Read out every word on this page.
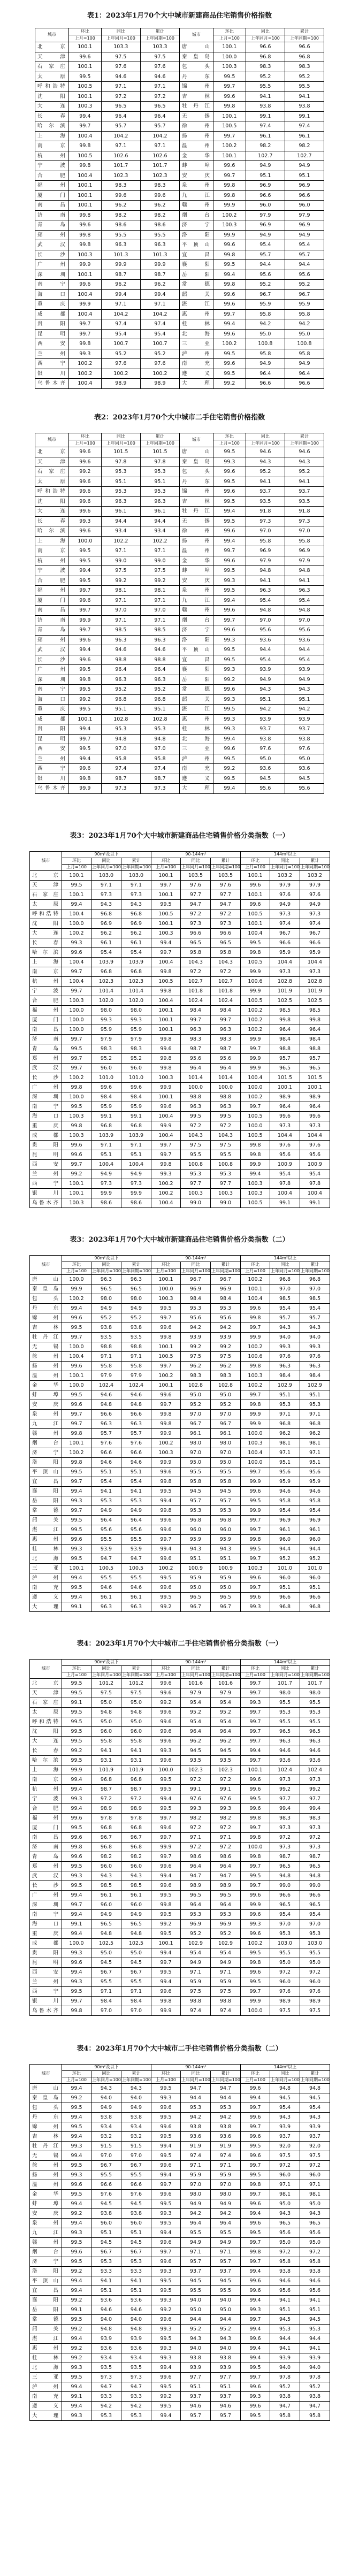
表1：2023年1月70个大中城市新建商品住宅销售价格指数
城市	环比	同比	累计	城市	环比	同比	累计
	上月=100	上年同月=100	上年同期=100		上月=100	上年同月=100	上年同期=100
北　京	100.1	103.3	103.3	唐　山	100.1	96.6	96.6
天　津	99.6	97.5	97.5	秦皇岛	100.0	96.8	96.8
石家庄	100.1	97.6	97.6	包　头	100.3	98.3	98.3
太　原	99.5	94.6	94.6	丹　东	99.5	95.2	95.2
呼和浩特	100.5	97.1	97.1	锦　州	99.7	95.5	95.5
沈　阳	100.1	97.2	97.2	吉　林	99.6	94.1	94.1
大　连	100.3	96.5	96.5	牡丹江	99.8	93.8	93.8
长　春	99.4	96.4	96.4	无　锡	100.1	99.1	99.1
哈尔滨	99.7	95.7	95.7	徐　州	100.5	97.4	97.4
上　海	100.4	104.2	104.2	扬　州	99.7	96.1	96.1
南　京	99.8	97.1	97.1	温　州	100.2	98.2	98.2
杭　州	100.5	102.6	102.6	金　华	100.1	102.7	102.7
宁　波	99.8	101.7	101.7	蚌　埠	99.6	94.9	94.9
合　肥	100.4	102.3	102.3	安　庆	99.7	95.1	95.1
福　州	100.1	98.3	98.3	泉　州	99.8	96.9	96.9
厦　门	100.1	99.6	99.6	九　江	99.8	96.6	96.6
南　昌	100.1	96.2	96.2	赣　州	99.9	96.0	96.0
济　南	99.8	98.2	98.2	烟　台	100.2	97.9	97.9
青　岛	99.6	98.6	98.6	济　宁	100.3	96.9	96.9
郑　州	99.8	95.5	95.5	洛　阳	99.9	94.9	94.9
武　汉	99.8	96.3	96.3	平顶山	99.6	95.4	95.4
长　沙	100.3	101.3	101.3	宜　昌	99.8	95.7	95.7
广　州	99.9	99.9	99.9	襄　阳	99.5	94.4	94.4
深　圳	100.1	98.7	98.7	岳　阳	99.4	95.6	95.6
南　宁	99.6	96.2	96.2	常　德	99.8	95.2	95.2
海　口	100.4	99.4	99.4	韶　关	99.6	96.7	96.7
重　庆	99.9	97.1	97.1	湛　江	99.6	95.9	95.9
成　都	100.4	104.2	104.2	惠　州	99.7	95.8	95.8
贵　阳	99.7	97.4	97.4	桂　林	99.4	94.2	94.2
昆　明	99.7	95.4	95.4	北　海	99.6	95.0	95.0
西　安	99.8	100.7	100.7	三　亚	100.2	100.8	100.8
兰　州	99.3	95.2	95.2	泸　州	99.5	95.8	95.8
西　宁	100.2	97.6	97.6	南　充	99.6	94.9	94.9
银　川	100.2	100.2	100.2	遵　义	99.5	96.4	96.4
乌鲁木齐	100.4	98.9	98.9	大　理	99.2	96.6	96.6
表2：2023年1月70个大中城市二手住宅销售价格指数
城市	环比	同比	累计	城市	环比	同比	累计
	上月=100	上年同月=100	上年同期=100		上月=100	上年同月=100	上年同期=100
北　京	99.6	101.5	101.5	唐　山	99.5	94.6	94.6
天　津	99.6	97.8	97.8	秦皇岛	99.3	94.3	94.3
石家庄	99.2	95.3	95.3	包　头	99.6	95.2	95.2
太　原	99.6	95.1	95.1	丹　东	99.5	94.1	94.1
呼和浩特	99.6	95.3	95.3	锦　州	99.6	93.7	93.7
沈　阳	99.6	96.3	96.3	吉　林	99.5	93.5	93.5
大　连	99.6	96.1	96.1	牡丹江	99.4	91.8	91.8
长　春	99.3	94.4	94.4	无　锡	99.5	97.3	97.3
哈尔滨	99.6	93.4	93.4	徐　州	99.6	97.0	97.0
上　海	100.0	102.2	102.2	扬　州	99.4	95.8	95.8
南　京	99.5	97.1	97.1	温　州	99.7	96.9	96.9
杭　州	99.5	99.0	99.0	金　华	99.6	97.9	97.9
宁　波	99.4	97.5	97.5	蚌　埠	99.5	94.8	94.8
合　肥	99.5	99.2	99.2	安　庆	99.3	94.1	94.1
福　州	99.7	98.1	98.1	泉　州	99.5	96.3	96.3
厦　门	99.6	97.1	97.1	九　江	99.4	95.4	95.4
南　昌	99.7	97.0	97.0	赣　州	99.6	94.8	94.8
济　南	99.9	97.1	97.1	烟　台	99.7	97.0	97.0
青　岛	99.7	98.5	98.5	济　宁	99.6	95.6	95.6
郑　州	99.6	96.3	96.3	洛　阳	99.3	93.6	93.6
武　汉	99.4	94.6	94.6	平顶山	99.5	94.4	94.4
长　沙	99.6	98.8	98.8	宜　昌	99.5	95.4	95.4
广　州	99.5	96.4	96.4	襄　阳	99.3	93.9	93.9
深　圳	99.8	96.3	96.3	岳　阳	99.2	94.9	94.9
南　宁	99.5	95.2	95.2	常　德	99.6	94.3	94.3
海　口	99.2	96.8	96.8	韶　关	99.3	95.1	95.1
重　庆	99.5	95.1	95.1	湛　江	99.5	94.2	94.2
成　都	100.1	102.8	102.8	惠　州	99.3	93.9	93.9
贵　阳	99.4	95.3	95.3	桂　林	99.3	93.7	93.7
昆　明	99.7	94.8	94.8	北　海	99.4	93.8	93.8
西　安	99.5	97.0	97.0	三　亚	99.6	97.6	97.6
兰　州	99.4	95.8	95.8	泸　州	99.5	95.0	95.0
西　宁	99.6	97.4	97.4	南　充	99.2	93.6	93.6
银　川	99.8	98.7	98.7	遵　义	99.5	94.5	94.5
乌鲁木齐	99.9	97.3	97.3	大　理	99.4	95.6	95.6
表3：2023年1月70个大中城市新建商品住宅销售价格分类指数（一）
城市	90m²及以下			90-144m²			144m²以上		
	环比	同比	累计	环比	同比	累计	环比	同比	累计
	上月=100	上年同月=100	上年同期=100	上月=100	上年同月=100	上年同期=100	上月=100	上年同月=100	上年同期=100
北　京	100.1	103.0	103.0	100.1	103.5	103.5	100.1	103.2	103.2
天　津	99.5	97.1	97.1	99.7	97.6	97.6	99.6	97.9	97.9
石家庄	100.1	97.3	97.3	100.1	97.7	97.7	100.1	97.6	97.6
太　原	99.4	94.3	94.3	99.5	94.7	94.7	99.6	94.9	94.9
呼和浩特	100.4	96.8	96.8	100.5	97.2	97.2	100.5	97.3	97.3
沈　阳	100.0	96.9	96.9	100.1	97.3	97.3	100.1	97.4	97.4
大　连	100.2	96.2	96.2	100.3	96.6	96.6	100.4	96.7	96.7
长　春	99.3	96.1	96.1	99.4	96.5	96.5	99.5	96.6	96.6
哈尔滨	99.6	95.4	95.4	99.7	95.8	95.8	99.8	95.9	95.9
上　海	100.4	103.9	103.9	100.4	104.3	104.3	100.5	104.4	104.4
南　京	99.7	96.8	96.8	99.8	97.2	97.2	99.9	97.3	97.3
杭　州	100.4	102.3	102.3	100.5	102.7	102.7	100.6	102.8	102.8
宁　波	99.7	101.4	101.4	99.8	101.8	101.8	99.9	101.9	101.9
合　肥	100.3	102.0	102.0	100.4	102.4	102.4	100.5	102.5	102.5
福　州	100.0	98.0	98.0	100.1	98.4	98.4	100.2	98.5	98.5
厦　门	100.0	99.3	99.3	100.1	99.7	99.7	100.2	99.8	99.8
南　昌	100.0	95.9	95.9	100.1	96.3	96.3	100.2	96.4	96.4
济　南	99.7	97.9	97.9	99.8	98.3	98.3	99.9	98.4	98.4
青　岛	99.5	98.3	98.3	99.6	98.7	98.7	99.7	98.8	98.8
郑　州	99.7	95.2	95.2	99.8	95.6	95.6	99.9	95.7	95.7
武　汉	99.7	96.0	96.0	99.8	96.4	96.4	99.9	96.5	96.5
长　沙	100.2	101.0	101.0	100.3	101.4	101.4	100.4	101.5	101.5
广　州	99.8	99.6	99.6	99.9	100.0	100.0	100.0	100.1	100.1
深　圳	100.0	98.4	98.4	100.1	98.8	98.8	100.2	98.9	98.9
南　宁	99.5	95.9	95.9	99.6	96.3	96.3	99.7	96.4	96.4
海　口	100.3	99.1	99.1	100.4	99.5	99.5	100.5	99.6	99.6
重　庆	99.8	96.8	96.8	99.9	97.2	97.2	100.0	97.3	97.3
成　都	100.3	103.9	103.9	100.4	104.3	104.3	100.5	104.4	104.4
贵　阳	99.6	97.1	97.1	99.7	97.5	97.5	99.8	97.6	97.6
昆　明	99.6	95.1	95.1	99.7	95.5	95.5	99.8	95.6	95.6
西　安	99.7	100.4	100.4	99.8	100.8	100.8	99.9	100.9	100.9
兰　州	99.2	94.9	94.9	99.3	95.3	95.3	99.4	95.4	95.4
西　宁	100.1	97.3	97.3	100.2	97.7	97.7	100.3	97.8	97.8
银　川	100.1	99.9	99.9	100.2	100.3	100.3	100.3	100.4	100.4
乌鲁木齐	100.3	98.6	98.6	100.4	99.0	99.0	100.5	99.1	99.1
表3：2023年1月70个大中城市新建商品住宅销售价格分类指数（二）
城市	90m²及以下			90-144m²			144m²以上		
	环比	同比	累计	环比	同比	累计	环比	同比	累计
	上月=100	上年同月=100	上年同期=100	上月=100	上年同月=100	上年同期=100	上月=100	上年同月=100	上年同期=100
唐　山	100.0	96.3	96.3	100.1	96.7	96.7	100.2	96.8	96.8
秦皇岛	99.9	96.5	96.5	100.0	96.9	96.9	100.1	97.0	97.0
包　头	100.2	98.0	98.0	100.3	98.4	98.4	100.4	98.5	98.5
丹　东	99.4	94.9	94.9	99.5	95.3	95.3	99.6	95.4	95.4
锦　州	99.6	95.2	95.2	99.7	95.6	95.6	99.8	95.7	95.7
吉　林	99.5	93.8	93.8	99.6	94.2	94.2	99.7	94.3	94.3
牡丹江	99.7	93.5	93.5	99.8	93.9	93.9	99.9	94.0	94.0
无　锡	100.0	98.8	98.8	100.1	99.2	99.2	100.2	99.3	99.3
徐　州	100.4	97.1	97.1	100.5	97.5	97.5	100.6	97.6	97.6
扬　州	99.6	95.8	95.8	99.7	96.2	96.2	99.8	96.3	96.3
温　州	100.1	97.9	97.9	100.2	98.3	98.3	100.3	98.4	98.4
金　华	100.0	102.4	102.4	100.1	102.8	102.8	100.2	102.9	102.9
蚌　埠	99.5	94.6	94.6	99.6	95.0	95.0	99.7	95.1	95.1
安　庆	99.6	94.8	94.8	99.7	95.2	95.2	99.8	95.3	95.3
泉　州	99.7	96.6	96.6	99.8	97.0	97.0	99.9	97.1	97.1
九　江	99.7	96.3	96.3	99.8	96.7	96.7	99.9	96.8	96.8
赣　州	99.8	95.7	95.7	99.9	96.1	96.1	100.0	96.2	96.2
烟　台	100.1	97.6	97.6	100.2	98.0	98.0	100.3	98.1	98.1
济　宁	100.2	96.6	96.6	100.3	97.0	97.0	100.4	97.1	97.1
洛　阳	99.8	94.6	94.6	99.9	95.0	95.0	100.0	95.1	95.1
平顶山	99.5	95.1	95.1	99.6	95.5	95.5	99.7	95.6	95.6
宜　昌	99.7	95.4	95.4	99.8	95.8	95.8	99.9	95.9	95.9
襄　阳	99.4	94.1	94.1	99.5	94.5	94.5	99.6	94.6	94.6
岳　阳	99.3	95.3	95.3	99.4	95.7	95.7	99.5	95.8	95.8
常　德	99.7	94.9	94.9	99.8	95.3	95.3	99.9	95.4	95.4
韶　关	99.5	96.4	96.4	99.6	96.8	96.8	99.7	96.9	96.9
湛　江	99.5	95.6	95.6	99.6	96.0	96.0	99.7	96.1	96.1
惠　州	99.6	95.5	95.5	99.7	95.9	95.9	99.8	96.0	96.0
桂　林	99.3	93.9	93.9	99.4	94.3	94.3	99.5	94.4	94.4
北　海	99.5	94.7	94.7	99.6	95.1	95.1	99.7	95.2	95.2
三　亚	100.1	100.5	100.5	100.2	100.9	100.9	100.3	101.0	101.0
泸　州	99.4	95.5	95.5	99.5	95.9	95.9	99.6	96.0	96.0
南　充	99.5	94.6	94.6	99.6	95.0	95.0	99.7	95.1	95.1
遵　义	99.4	96.1	96.1	99.5	96.5	96.5	99.6	96.6	96.6
大　理	99.1	96.3	96.3	99.2	96.7	96.7	99.3	96.8	96.8
表4：2023年1月70个大中城市二手住宅销售价格分类指数（一）
城市	90m²及以下			90-144m²			144m²以上		
	环比	同比	累计	环比	同比	累计	环比	同比	累计
	上月=100	上年同月=100	上年同期=100	上月=100	上年同月=100	上年同期=100	上月=100	上年同月=100	上年同期=100
北　京	99.5	101.2	101.2	99.6	101.6	101.6	99.7	101.7	101.7
天　津	99.5	97.5	97.5	99.6	97.9	97.9	99.7	98.0	98.0
石家庄	99.1	95.0	95.0	99.2	95.4	95.4	99.3	95.5	95.5
太　原	99.5	94.8	94.8	99.6	95.2	95.2	99.7	95.3	95.3
呼和浩特	99.5	95.0	95.0	99.6	95.4	95.4	99.7	95.5	95.5
沈　阳	99.5	96.0	96.0	99.6	96.4	96.4	99.7	96.5	96.5
大　连	99.5	95.8	95.8	99.6	96.2	96.2	99.7	96.3	96.3
长　春	99.2	94.1	94.1	99.3	94.5	94.5	99.4	94.6	94.6
哈尔滨	99.5	93.1	93.1	99.6	93.5	93.5	99.7	93.6	93.6
上　海	99.9	101.9	101.9	100.0	102.3	102.3	100.1	102.4	102.4
南　京	99.4	96.8	96.8	99.5	97.2	97.2	99.6	97.3	97.3
杭　州	99.4	98.7	98.7	99.5	99.1	99.1	99.6	99.2	99.2
宁　波	99.3	97.2	97.2	99.4	97.6	97.6	99.5	97.7	97.7
合　肥	99.4	98.9	98.9	99.5	99.3	99.3	99.6	99.4	99.4
福　州	99.6	97.8	97.8	99.7	98.2	98.2	99.8	98.3	98.3
厦　门	99.5	96.8	96.8	99.6	97.2	97.2	99.7	97.3	97.3
南　昌	99.6	96.7	96.7	99.7	97.1	97.1	99.8	97.2	97.2
济　南	99.8	96.8	96.8	99.9	97.2	97.2	100.0	97.3	97.3
青　岛	99.6	98.2	98.2	99.7	98.6	98.6	99.8	98.7	98.7
郑　州	99.5	96.0	96.0	99.6	96.4	96.4	99.7	96.5	96.5
武　汉	99.3	94.3	94.3	99.4	94.7	94.7	99.5	94.8	94.8
长　沙	99.5	98.5	98.5	99.6	98.9	98.9	99.7	99.0	99.0
广　州	99.4	96.1	96.1	99.5	96.5	96.5	99.6	96.6	96.6
深　圳	99.7	96.0	96.0	99.8	96.4	96.4	99.9	96.5	96.5
南　宁	99.4	94.9	94.9	99.5	95.3	95.3	99.6	95.4	95.4
海　口	99.1	96.5	96.5	99.2	96.9	96.9	99.3	97.0	97.0
重　庆	99.4	94.8	94.8	99.5	95.2	95.2	99.6	95.3	95.3
成　都	100.0	102.5	102.5	100.1	102.9	102.9	100.2	103.0	103.0
贵　阳	99.3	95.0	95.0	99.4	95.4	95.4	99.5	95.5	95.5
昆　明	99.6	94.5	94.5	99.7	94.9	94.9	99.8	95.0	95.0
西　安	99.4	96.7	96.7	99.5	97.1	97.1	99.6	97.2	97.2
兰　州	99.3	95.5	95.5	99.4	95.9	95.9	99.5	96.0	96.0
西　宁	99.5	97.1	97.1	99.6	97.5	97.5	99.7	97.6	97.6
银　川	99.7	98.4	98.4	99.8	98.8	98.8	99.9	98.9	98.9
乌鲁木齐	99.8	97.0	97.0	99.9	97.4	97.4	100.0	97.5	97.5
表4：2023年1月70个大中城市二手住宅销售价格分类指数（二）
城市	90m²及以下			90-144m²			144m²以上		
	环比	同比	累计	环比	同比	累计	环比	同比	累计
	上月=100	上年同月=100	上年同期=100	上月=100	上年同月=100	上年同期=100	上月=100	上年同月=100	上年同期=100
唐　山	99.4	94.3	94.3	99.5	94.7	94.7	99.6	94.8	94.8
秦皇岛	99.2	94.0	94.0	99.3	94.4	94.4	99.4	94.5	94.5
包　头	99.5	94.9	94.9	99.6	95.3	95.3	99.7	95.4	95.4
丹　东	99.4	93.8	93.8	99.5	94.2	94.2	99.6	94.3	94.3
锦　州	99.5	93.4	93.4	99.6	93.8	93.8	99.7	93.9	93.9
吉　林	99.4	93.2	93.2	99.5	93.6	93.6	99.6	93.7	93.7
牡丹江	99.3	91.5	91.5	99.4	91.9	91.9	99.5	92.0	92.0
无　锡	99.4	97.0	97.0	99.5	97.4	97.4	99.6	97.5	97.5
徐　州	99.5	96.7	96.7	99.6	97.1	97.1	99.7	97.2	97.2
扬　州	99.3	95.5	95.5	99.4	95.9	95.9	99.5	96.0	96.0
温　州	99.6	96.6	96.6	99.7	97.0	97.0	99.8	97.1	97.1
金　华	99.5	97.6	97.6	99.6	98.0	98.0	99.7	98.1	98.1
蚌　埠	99.4	94.5	94.5	99.5	94.9	94.9	99.6	95.0	95.0
安　庆	99.2	93.8	93.8	99.3	94.2	94.2	99.4	94.3	94.3
泉　州	99.4	96.0	96.0	99.5	96.4	96.4	99.6	96.5	96.5
九　江	99.3	95.1	95.1	99.4	95.5	95.5	99.5	95.6	95.6
赣　州	99.5	94.5	94.5	99.6	94.9	94.9	99.7	95.0	95.0
烟　台	99.6	96.7	96.7	99.7	97.1	97.1	99.8	97.2	97.2
济　宁	99.5	95.3	95.3	99.6	95.7	95.7	99.7	95.8	95.8
洛　阳	99.2	93.3	93.3	99.3	93.7	93.7	99.4	93.8	93.8
平顶山	99.4	94.1	94.1	99.5	94.5	94.5	99.6	94.6	94.6
宜　昌	99.4	95.1	95.1	99.5	95.5	95.5	99.6	95.6	95.6
襄　阳	99.2	93.6	93.6	99.3	94.0	94.0	99.4	94.1	94.1
岳　阳	99.1	94.6	94.6	99.2	95.0	95.0	99.3	95.1	95.1
常　德	99.5	94.0	94.0	99.6	94.4	94.4	99.7	94.5	94.5
韶　关	99.2	94.8	94.8	99.3	95.2	95.2	99.4	95.3	95.3
湛　江	99.4	93.9	93.9	99.5	94.3	94.3	99.6	94.4	94.4
惠　州	99.2	93.6	93.6	99.3	94.0	94.0	99.4	94.1	94.1
桂　林	99.2	93.4	93.4	99.3	93.8	93.8	99.4	93.9	93.9
北　海	99.3	93.5	93.5	99.4	93.9	93.9	99.5	94.0	94.0
三　亚	99.5	97.3	97.3	99.6	97.7	97.7	99.7	97.8	97.8
泸　州	99.4	94.7	94.7	99.5	95.1	95.1	99.6	95.2	95.2
南　充	99.1	93.3	93.3	99.2	93.7	93.7	99.3	93.8	93.8
遵　义	99.4	94.2	94.2	99.5	94.6	94.6	99.6	94.7	94.7
大　理	99.3	95.3	95.3	99.4	95.7	95.7	99.5	95.8	95.8
